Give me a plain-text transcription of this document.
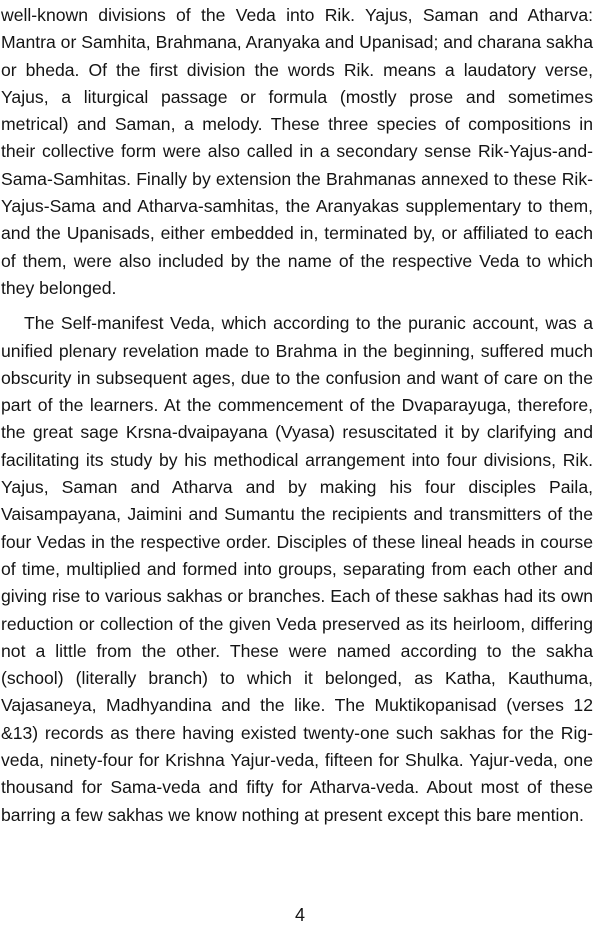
well-known divisions of the Veda into Rik. Yajus, Saman and Atharva: Mantra or Samhita, Brahmana, Aranyaka and Upanisad; and charana sakha or bheda. Of the first division the words Rik. means a laudatory verse, Yajus, a liturgical passage or formula (mostly prose and sometimes metrical) and Saman, a melody. These three species of compositions in their collective form were also called in a secondary sense Rik-Yajus-and-Sama-Samhitas. Finally by extension the Brahmanas annexed to these Rik-Yajus-Sama and Atharva-samhitas, the Aranyakas supplementary to them, and the Upanisads, either embedded in, terminated by, or affiliated to each of them, were also included by the name of the respective Veda to which they belonged.

The Self-manifest Veda, which according to the puranic account, was a unified plenary revelation made to Brahma in the beginning, suffered much obscurity in subsequent ages, due to the confusion and want of care on the part of the learners. At the commencement of the Dvaparayuga, therefore, the great sage Krsna-dvaipayana (Vyasa) resuscitated it by clarifying and facilitating its study by his methodical arrangement into four divisions, Rik. Yajus, Saman and Atharva and by making his four disciples Paila, Vaisampayana, Jaimini and Sumantu the recipients and transmitters of the four Vedas in the respective order. Disciples of these lineal heads in course of time, multiplied and formed into groups, separating from each other and giving rise to various sakhas or branches. Each of these sakhas had its own reduction or collection of the given Veda preserved as its heirloom, differing not a little from the other. These were named according to the sakha (school) (literally branch) to which it belonged, as Katha, Kauthuma, Vajasaneya, Madhyandina and the like. The Muktikopanisad (verses 12 &13) records as there having existed twenty-one such sakhas for the Rig-veda, ninety-four for Krishna Yajur-veda, fifteen for Shulka. Yajur-veda, one thousand for Sama-veda and fifty for Atharva-veda. About most of these barring a few sakhas we know nothing at present except this bare mention.

4
